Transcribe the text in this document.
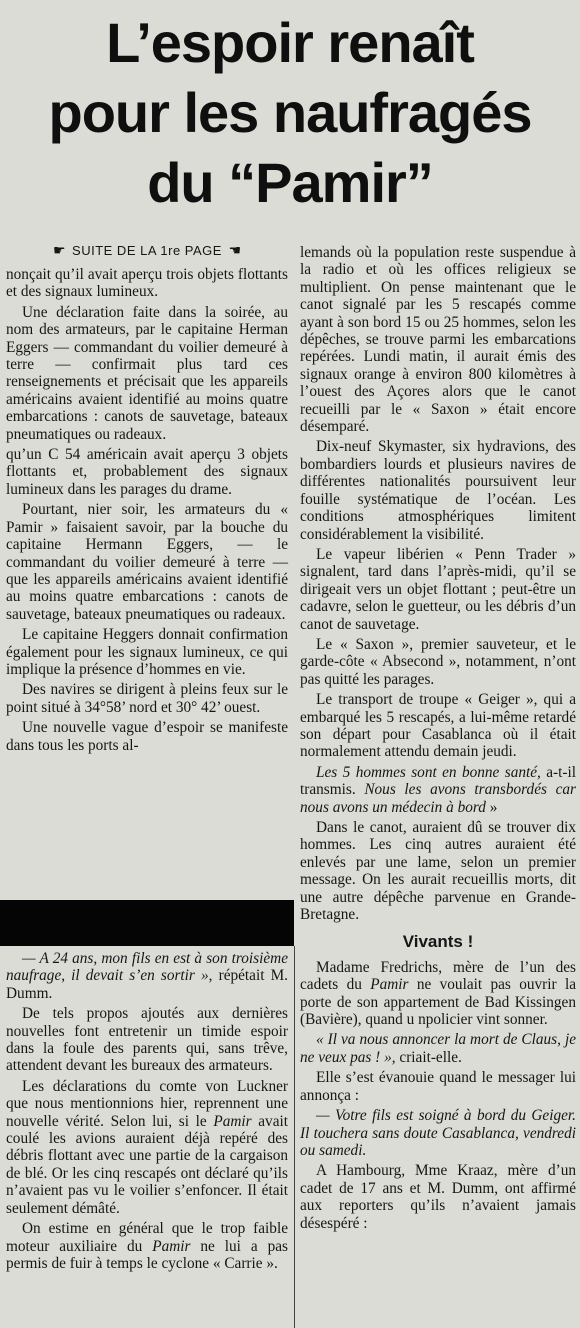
L’espoir renaît
pour les naufragés
du “Pamir”
☛ SUITE DE LA 1re PAGE ☛

nonçait qu’il avait aperçu trois objets flottants et des signaux lumineux.

Une déclaration faite dans la soirée, au nom des armateurs, par le capitaine Herman Eggers — commandant du voilier demeuré à terre — confirmait plus tard ces renseignements et précisait que les appareils américains avaient identifié au moins quatre embarcations : canots de sauvetage, bateaux pneumatiques ou radeaux.

qu’un C 54 américain avait aperçu 3 objets flottants et, probablement des signaux lumineux dans les parages du drame.

Pourtant, nier soir, les armateurs du « Pamir » faisaient savoir, par la bouche du capitaine Hermann Eggers, — le commandant du voilier demeuré à terre — que les appareils américains avaient identifié au moins quatre embarcations : canots de sauvetage, bateaux pneumatiques ou radeaux.

Le capitaine Heggers donnait confirmation également pour les signaux lumineux, ce qui implique la présence d’hommes en vie.

Des navires se dirigent à pleins feux sur le point situé à 34°58’ nord et 30° 42’ ouest.

Une nouvelle vague d’espoir se manifeste dans tous les ports al-

— A 24 ans, mon fils en est à son troisième naufrage, il devait s’en sortir », répétait M. Dumm.

De tels propos ajoutés aux dernières nouvelles font entretenir un timide espoir dans la foule des parents qui, sans trêve, attendent devant les bureaux des armateurs.

Les déclarations du comte von Luckner que nous mentionnions hier, reprennent une nouvelle vérité. Selon lui, si le Pamir avait coulé les avions auraient déjà repéré des débris flottant avec une partie de la cargaison de blé. Or les cinq rescapés ont déclaré qu’ils n’avaient pas vu le voilier s’enfoncer. Il était seulement démâté.

On estime en général que le trop faible moteur auxiliaire du Pamir ne lui a pas permis de fuir à temps le cyclone « Carrie ».

lemands où la population reste suspendue à la radio et où les offices religieux se multiplient. On pense maintenant que le canot signalé par les 5 rescapés comme ayant à son bord 15 ou 25 hommes, selon les dépêches, se trouve parmi les embarcations repérées. Lundi matin, il aurait émis des signaux orange à environ 800 kilomètres à l’ouest des Açores alors que le canot recueilli par le « Saxon » était encore désemparé.

Dix-neuf Skymaster, six hydravions, des bombardiers lourds et plusieurs navires de différentes nationalités poursuivent leur fouille systématique de l’océan. Les conditions atmosphériques limitent considérablement la visibilité.

Le vapeur libérien « Penn Trader » signalent, tard dans l’après-midi, qu’il se dirigeait vers un objet flottant ; peut-être un cadavre, selon le guetteur, ou les débris d’un canot de sauvetage.

Le « Saxon », premier sauveteur, et le garde-côte « Absecond », notamment, n’ont pas quitté les parages.

Le transport de troupe « Geiger », qui a embarqué les 5 rescapés, a lui-même retardé son départ pour Casablanca où il était normalement attendu demain jeudi.

Les 5 hommes sont en bonne santé, a-t-il transmis. Nous les avons transbordés car nous avons un médecin à bord »

Dans le canot, auraient dû se trouver dix hommes. Les cinq autres auraient été enlevés par une lame, selon un premier message. On les aurait recueillis morts, dit une autre dépêche parvenue en Grande-Bretagne.

Vivants !

Madame Fredrichs, mère de l’un des cadets du Pamir ne voulait pas ouvrir la porte de son appartement de Bad Kissingen (Bavière), quand u npolicier vint sonner.

« Il va nous annoncer la mort de Claus, je ne veux pas ! », criait-elle.

Elle s’est évanouie quand le messager lui annonça :

— Votre fils est soigné à bord du Geiger. Il touchera sans doute Casablanca, vendredi ou samedi.

A Hambourg, Mme Kraaz, mère d’un cadet de 17 ans et M. Dumm, ont affirmé aux reporters qu’ils n’avaient jamais désespéré :
